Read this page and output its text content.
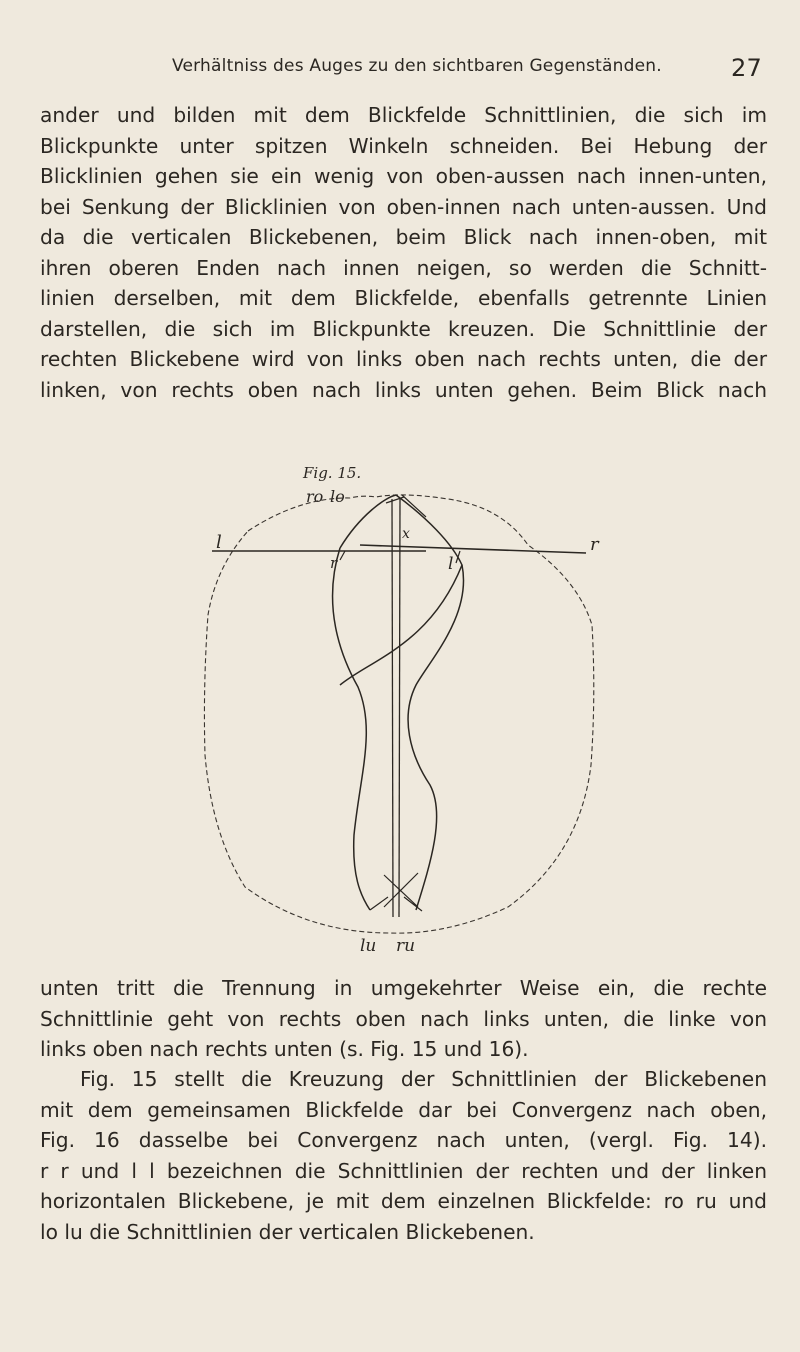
Verhältniss des Auges zu den sichtbaren Gegenständen.	27
ander und bilden mit dem Blickfelde Schnittlinien, die sich im
Blickpunkte unter spitzen Winkeln schneiden. Bei Hebung der
Blicklinien gehen sie ein wenig von oben-aussen nach innen-unten,
bei Senkung der Blicklinien von oben-innen nach unten-aussen. Und
da die verticalen Blickebenen, beim Blick nach innen-oben, mit
ihren oberen Enden nach innen neigen, so werden die Schnitt-
linien derselben, mit dem Blickfelde, ebenfalls getrennte Linien
darstellen, die sich im Blickpunkte kreuzen. Die Schnittlinie der
rechten Blickebene wird von links oben nach rechts unten, die der
linken, von rechts oben nach links unten gehen. Beim Blick nach
Fig. 15.
ro lo
l	r
r	l
x
lu ru
unten tritt die Trennung in umgekehrter Weise ein, die rechte
Schnittlinie geht von rechts oben nach links unten, die linke von
links oben nach rechts unten (s. Fig. 15 und 16).
Fig. 15 stellt die Kreuzung der Schnittlinien der Blickebenen
mit dem gemeinsamen Blickfelde dar bei Convergenz nach oben,
Fig. 16 dasselbe bei Convergenz nach unten, (vergl. Fig. 14).
r r und l l bezeichnen die Schnittlinien der rechten und der linken
horizontalen Blickebene, je mit dem einzelnen Blickfelde: ro ru und
lo lu die Schnittlinien der verticalen Blickebenen.
